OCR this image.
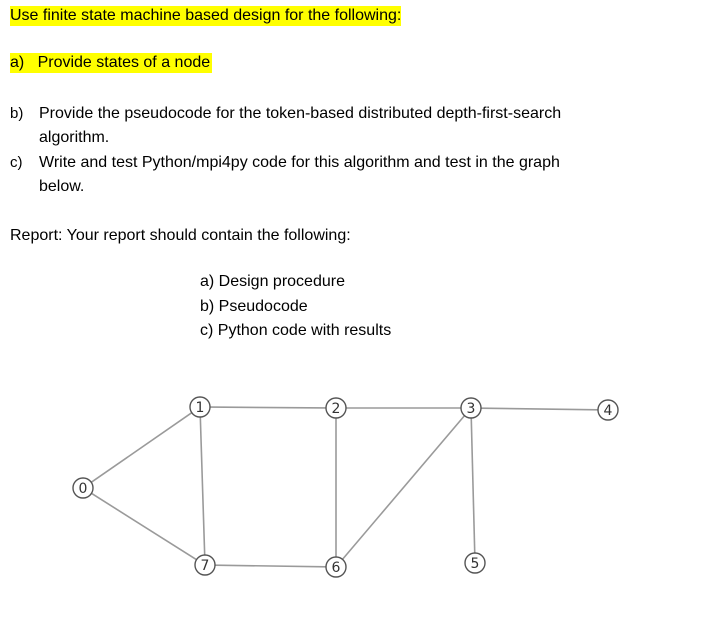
Use finite state machine based design for the following:
a) Provide states of a node
b) Provide the pseudocode for the token-based distributed depth-first-search
algorithm.
c) Write and test Python/mpi4py code for this algorithm and test in the graph
below.
Report: Your report should contain the following:
a) Design procedure
b) Pseudocode
c) Python code with results
0
1	2	3	4
5
6
7
